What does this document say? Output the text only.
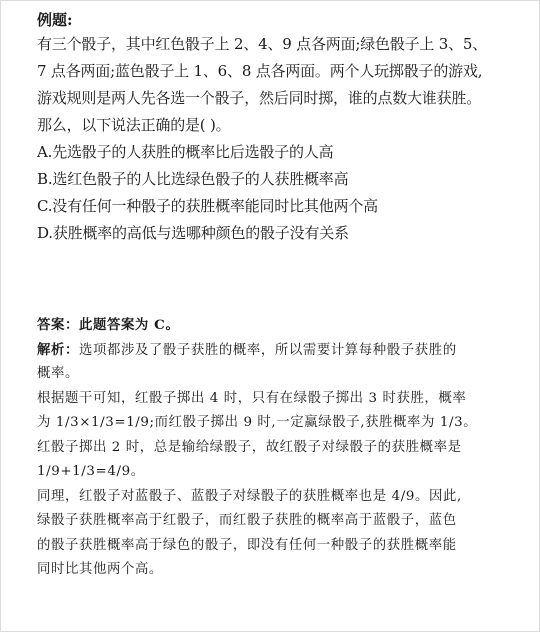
例题:
有三个骰子，其中红色骰子上 2、4、9 点各两面;绿色骰子上 3、5、
7 点各两面;蓝色骰子上 1、6、8 点各两面。两个人玩掷骰子的游戏,
游戏规则是两人先各选一个骰子，然后同时掷，谁的点数大谁获胜。
那么，以下说法正确的是( )。
A.先选骰子的人获胜的概率比后选骰子的人高
B.选红色骰子的人比选绿色骰子的人获胜概率高
C.没有任何一种骰子的获胜概率能同时比其他两个高
D.获胜概率的高低与选哪种颜色的骰子没有关系
答案：此题答案为 C。
解析：选项都涉及了骰子获胜的概率，所以需要计算每种骰子获胜的
概率。
根据题干可知，红骰子掷出 4 时，只有在绿骰子掷出 3 时获胜，概率
为 1/3×1/3=1/9;而红骰子掷出 9 时,一定赢绿骰子,获胜概率为 1/3。
红骰子掷出 2 时，总是输给绿骰子，故红骰子对绿骰子的获胜概率是
1/9+1/3=4/9。
同理，红骰子对蓝骰子、蓝骰子对绿骰子的获胜概率也是 4/9。因此,
绿骰子获胜概率高于红骰子，而红骰子获胜的概率高于蓝骰子，蓝色
的骰子获胜概率高于绿色的骰子，即没有任何一种骰子的获胜概率能
同时比其他两个高。
